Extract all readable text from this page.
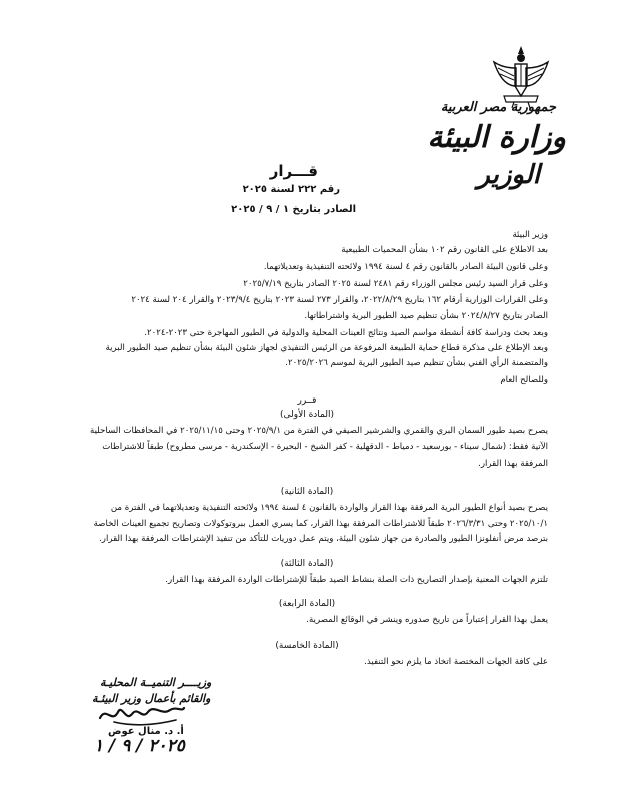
جمهورية مصر العربية
وزارة البيئة
الوزير
قـــرار
رقم ٢٢٢ لسنة ٢٠٢٥
الصادر بتاريخ ١ / ٩ / ٢٠٢٥
وزير البيئة
بعد الاطلاع على القانون رقم ١٠٢ بشأن المحميات الطبيعية
وعلى قانون البيئة الصادر بالقانون رقم ٤ لسنة ١٩٩٤ ولائحته التنفيذية وتعديلاتهما.
وعلى قرار السيد رئيس مجلس الوزراء رقم ٢٤٨١ لسنة ٢٠٢٥ الصادر بتاريخ ٢٠٢٥/٧/١٩
وعلى القرارات الوزارية أرقام ١٦٢ بتاريخ ٢٠٢٢/٨/٢٩، والقرار ٢٧٣ لسنة ٢٠٢٣ بتاريخ ٢٠٢٣/٩/٤ والقرار ٢٠٤ لسنة ٢٠٢٤
الصادر بتاريخ ٢٠٢٤/٨/٢٧ بشأن تنظيم صيد الطيور البرية واشتراطاتها.
وبعد بحث ودراسة كافة أنشطة مواسم الصيد ونتائج العينات المحلية والدولية في الطيور المهاجرة حتى ٢٠٢٣-٢٠٢٤.
وبعد الإطلاع على مذكرة قطاع حماية الطبيعة المرفوعة من الرئيس التنفيذي لجهاز شئون البيئة بشأن تنظيم صيد الطيور البرية
والمتضمنة الرأي الفني بشأن تنظيم صيد الطيور البرية لموسم ٢٠٢٥/٢٠٢٦.
وللصالح العام
قــرر
(المادة الأولى)
يصرح بصيد طيور السمان البري والقمري والشرشير الصيفي في الفترة من ٢٠٢٥/٩/١ وحتى ٢٠٢٥/١١/١٥ في المحافظات الساحلية
الآتية فقط: (شمال سيناء - بورسعيد - دمياط - الدقهلية - كفر الشيخ - البحيرة - الإسكندرية - مرسى مطروح) طبقاً للاشتراطات
المرفقة بهذا القرار.
(المادة الثانية)
يصرح بصيد أنواع الطيور البرية المرفقة بهذا القرار والواردة بالقانون ٤ لسنة ١٩٩٤ ولائحته التنفيذية وتعديلاتهما في الفترة من
٢٠٢٥/١٠/١ وحتى ٢٠٢٦/٣/٣١ طبقاً للاشتراطات المرفقة بهذا القرار، كما يسري العمل ببروتوكولات وتصاريح تجميع العينات الخاصة
بترصد مرض أنفلونزا الطيور والصادرة من جهاز شئون البيئة، ويتم عمل دوريات للتأكد من تنفيذ الإشتراطات المرفقة بهذا القرار.
(المادة الثالثة)
تلتزم الجهات المعنية بإصدار التصاريح ذات الصلة بنشاط الصيد طبقاً للإشتراطات الواردة المرفقة بهذا القرار.
(المادة الرابعة)
يعمل بهذا القرار إعتباراً من تاريخ صدوره وينشر في الوقائع المصرية.
(المادة الخامسة)
على كافة الجهات المختصة اتخاذ ما يلزم نحو التنفيذ.
وزيــــر التنميــة المحليـة
والقائم بأعمال وزير البيئـة
أ. د. منال عوض
٢٠٢٥ / ٩ / ١
